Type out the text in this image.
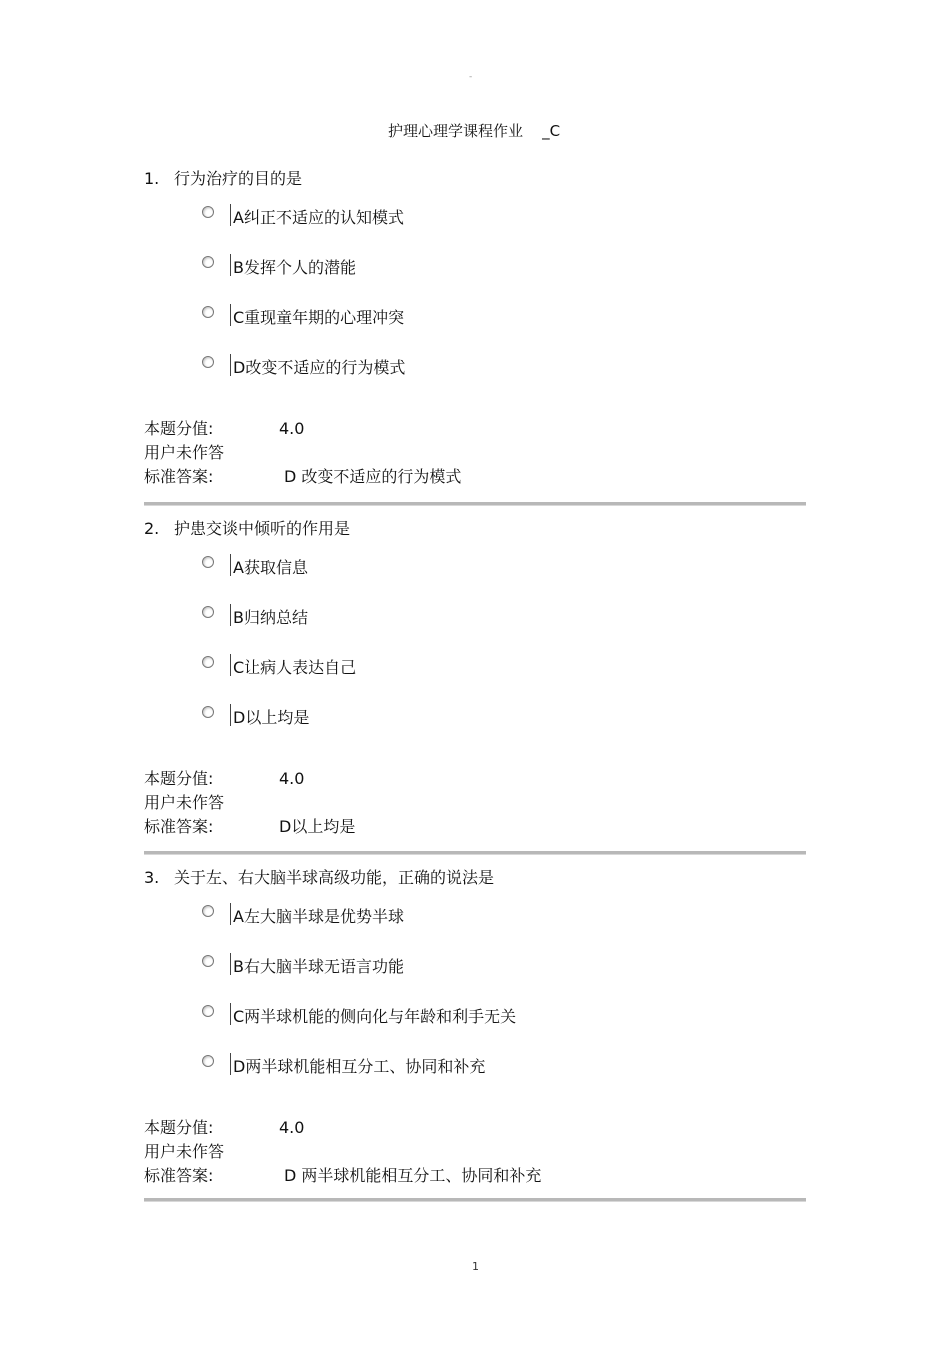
-
护理心理学课程作业    _C
1. 行为治疗的目的是
A纠正不适应的认知模式
B发挥个人的潜能
C重现童年期的心理冲突
D改变不适应的行为模式
本题分值:	4.0
用户未作答
标准答案:	D 改变不适应的行为模式
2. 护患交谈中倾听的作用是
A获取信息
B归纳总结
C让病人表达自己
D以上均是
本题分值:	4.0
用户未作答
标准答案:	D以上均是
3. 关于左、右大脑半球高级功能，正确的说法是
A左大脑半球是优势半球
B右大脑半球无语言功能
C两半球机能的侧向化与年龄和利手无关
D两半球机能相互分工、协同和补充
本题分值:	4.0
用户未作答
标准答案:	D 两半球机能相互分工、协同和补充
1
